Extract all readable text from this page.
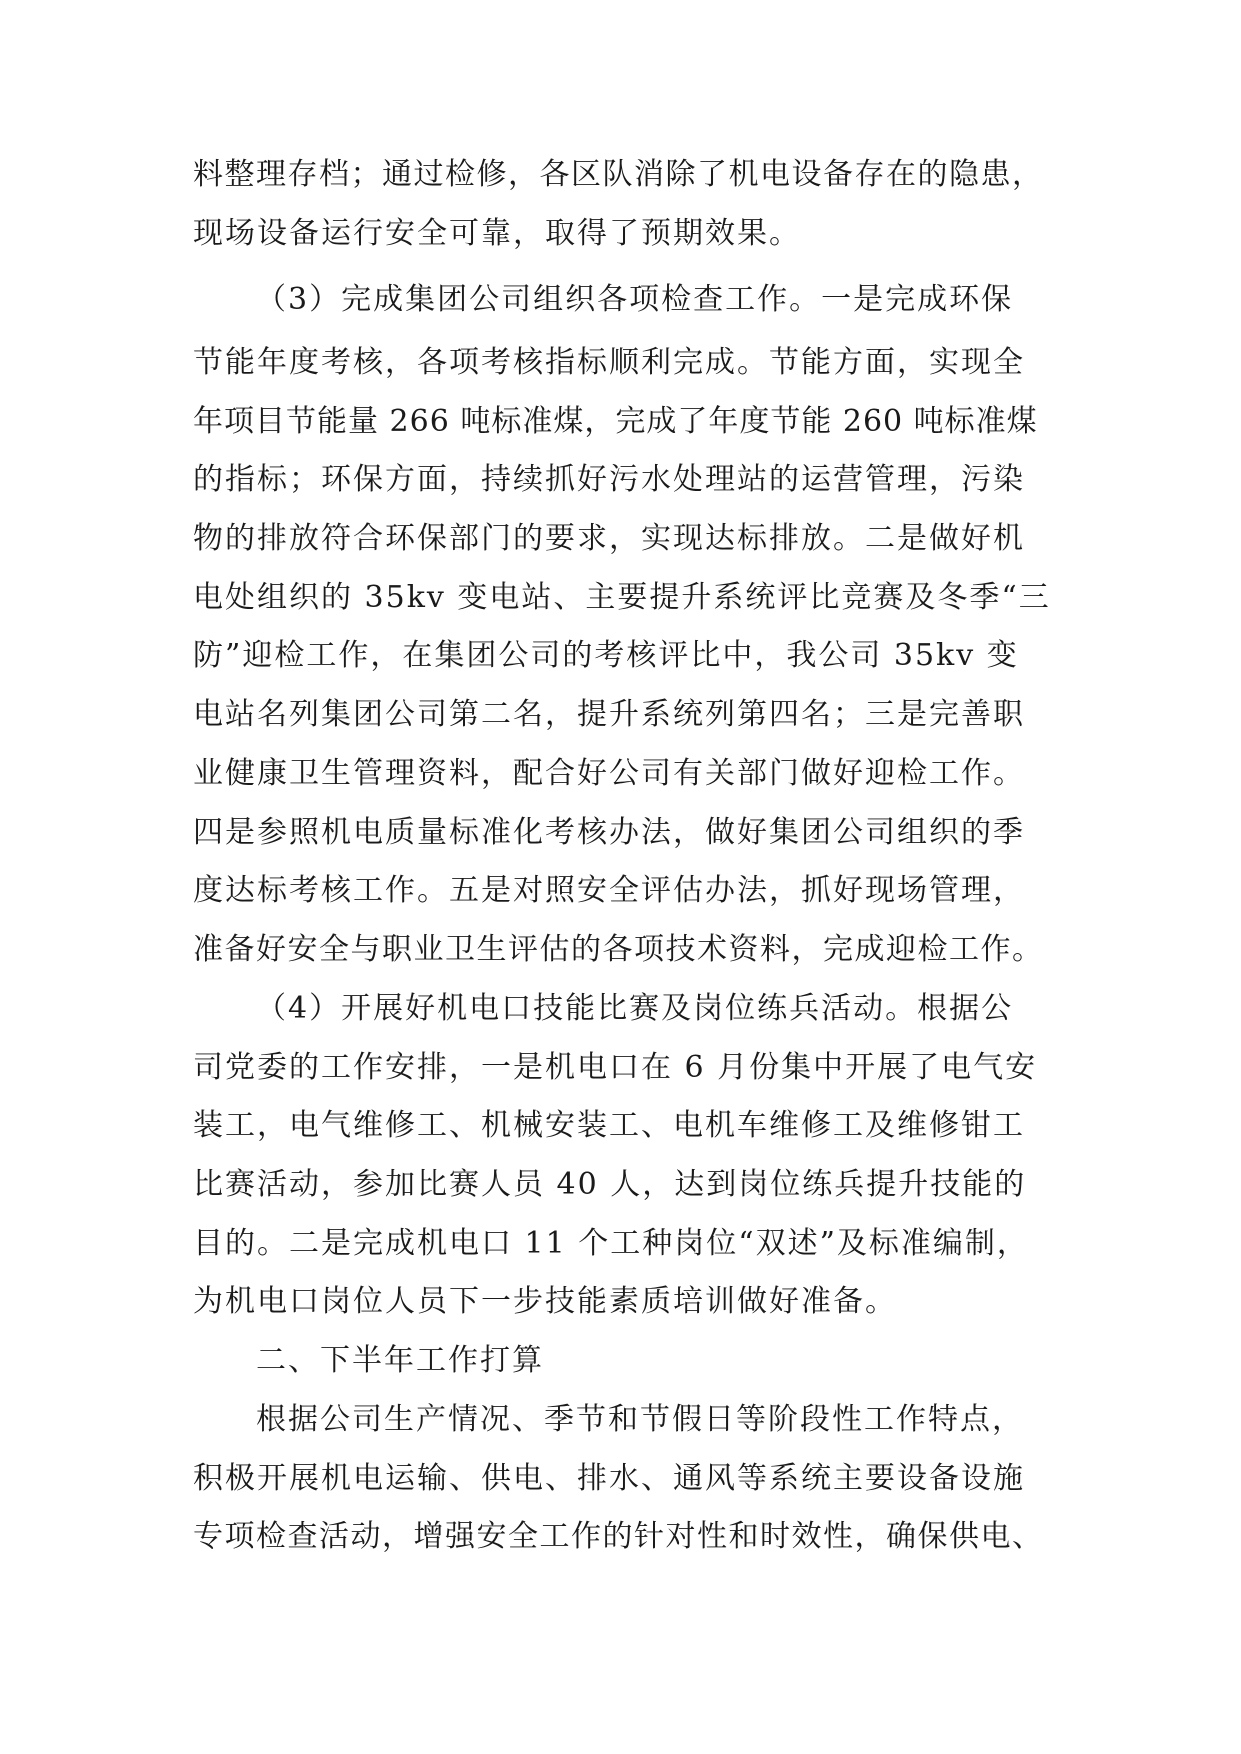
料整理存档；通过检修，各区队消除了机电设备存在的隐患，
现场设备运行安全可靠，取得了预期效果。
（3）完成集团公司组织各项检查工作。一是完成环保
节能年度考核，各项考核指标顺利完成。节能方面，实现全
年项目节能量 266 吨标准煤，完成了年度节能 260 吨标准煤
的指标；环保方面，持续抓好污水处理站的运营管理，污染
物的排放符合环保部门的要求，实现达标排放。二是做好机
电处组织的 35kv 变电站、主要提升系统评比竞赛及冬季“三
防”迎检工作，在集团公司的考核评比中，我公司 35kv 变
电站名列集团公司第二名，提升系统列第四名；三是完善职
业健康卫生管理资料，配合好公司有关部门做好迎检工作。
四是参照机电质量标准化考核办法，做好集团公司组织的季
度达标考核工作。五是对照安全评估办法，抓好现场管理，
准备好安全与职业卫生评估的各项技术资料，完成迎检工作。
（4）开展好机电口技能比赛及岗位练兵活动。根据公
司党委的工作安排，一是机电口在 6 月份集中开展了电气安
装工，电气维修工、机械安装工、电机车维修工及维修钳工
比赛活动，参加比赛人员 40 人，达到岗位练兵提升技能的
目的。二是完成机电口 11 个工种岗位“双述”及标准编制，
为机电口岗位人员下一步技能素质培训做好准备。
二、下半年工作打算
根据公司生产情况、季节和节假日等阶段性工作特点，
积极开展机电运输、供电、排水、通风等系统主要设备设施
专项检查活动，增强安全工作的针对性和时效性，确保供电、
